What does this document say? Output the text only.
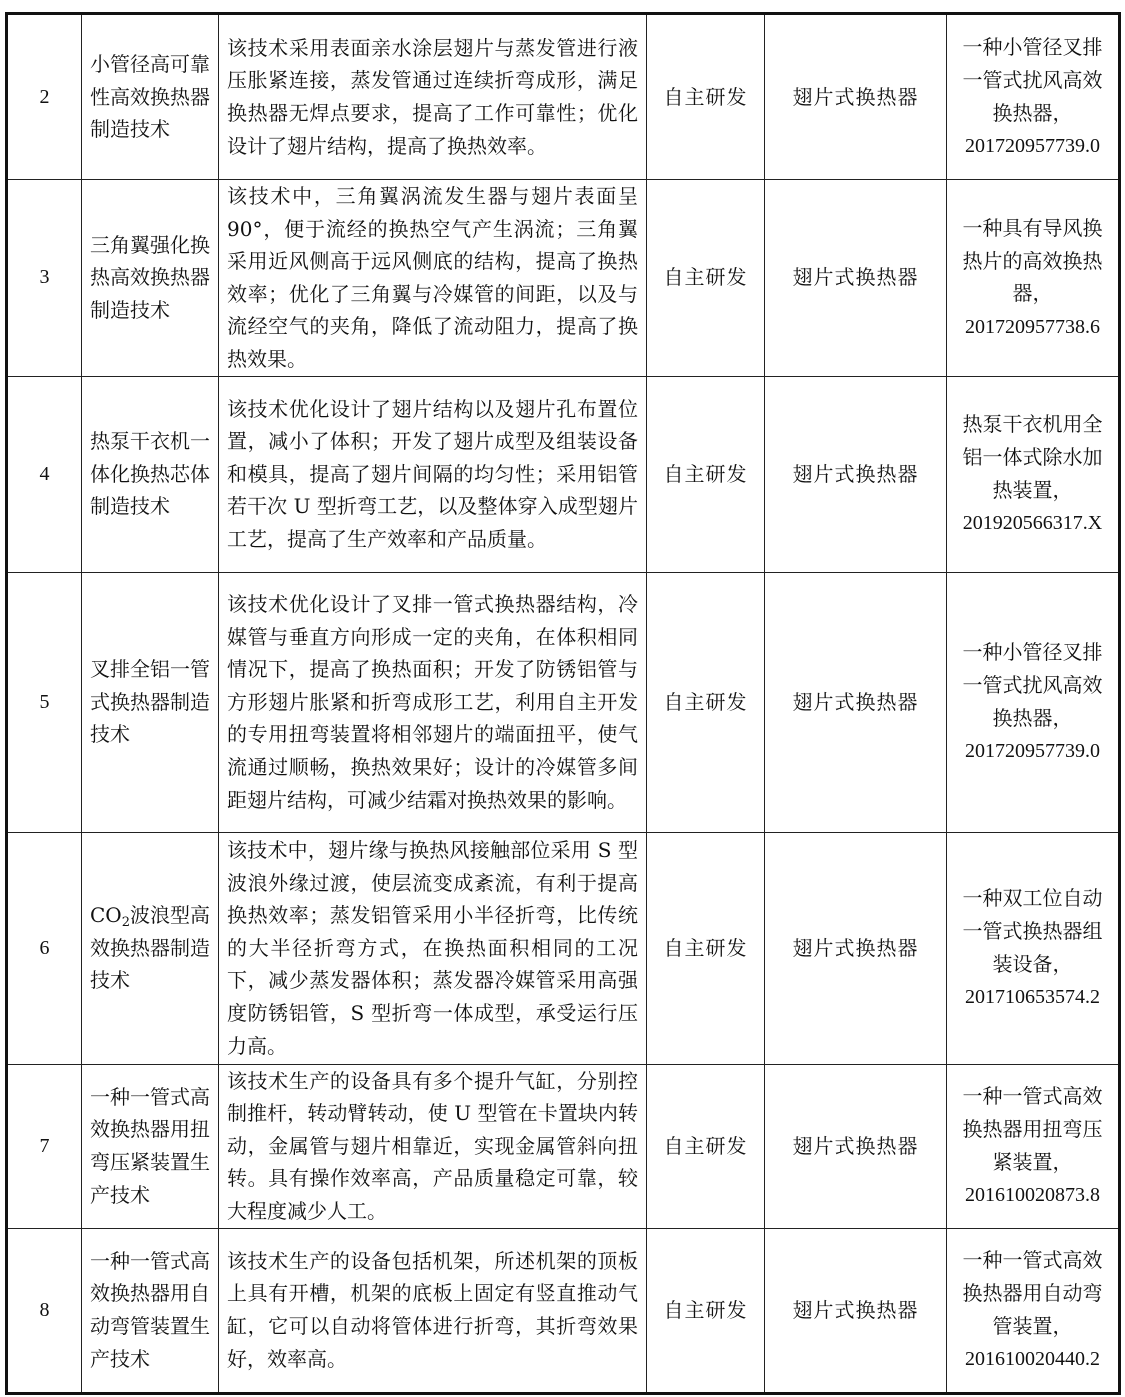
2	小管径高可靠性高效换热器制造技术	该技术采用表面亲水涂层翅片与蒸发管进行液压胀紧连接，蒸发管通过连续折弯成形，满足换热器无焊点要求，提高了工作可靠性；优化设计了翅片结构，提高了换热效率。	自主研发	翅片式换热器	一种小管径叉排一管式扰风高效换热器，
201720957739.0
3	三角翼强化换热高效换热器制造技术	该技术中，三角翼涡流发生器与翅片表面呈90°，便于流经的换热空气产生涡流；三角翼采用近风侧高于远风侧底的结构，提高了换热效率；优化了三角翼与冷媒管的间距，以及与流经空气的夹角，降低了流动阻力，提高了换热效果。	自主研发	翅片式换热器	一种具有导风换热片的高效换热器，
201720957738.6
4	热泵干衣机一体化换热芯体制造技术	该技术优化设计了翅片结构以及翅片孔布置位置，减小了体积；开发了翅片成型及组装设备和模具，提高了翅片间隔的均匀性；采用铝管若干次 U 型折弯工艺，以及整体穿入成型翅片工艺，提高了生产效率和产品质量。	自主研发	翅片式换热器	热泵干衣机用全铝一体式除水加热装置，
201920566317.X
5	叉排全铝一管式换热器制造技术	该技术优化设计了叉排一管式换热器结构，冷媒管与垂直方向形成一定的夹角，在体积相同情况下，提高了换热面积；开发了防锈铝管与方形翅片胀紧和折弯成形工艺，利用自主开发的专用扭弯装置将相邻翅片的端面扭平，使气流通过顺畅，换热效果好；设计的冷媒管多间距翅片结构，可减少结霜对换热效果的影响。	自主研发	翅片式换热器	一种小管径叉排一管式扰风高效换热器，
201720957739.0
6	$CO_2$波浪型高效换热器制造技术	该技术中，翅片缘与换热风接触部位采用 S 型波浪外缘过渡，使层流变成紊流，有利于提高换热效率；蒸发铝管采用小半径折弯，比传统的大半径折弯方式，在换热面积相同的工况下，减少蒸发器体积；蒸发器冷媒管采用高强度防锈铝管，S 型折弯一体成型，承受运行压力高。	自主研发	翅片式换热器	一种双工位自动一管式换热器组装设备，
201710653574.2
7	一种一管式高效换热器用扭弯压紧装置生产技术	该技术生产的设备具有多个提升气缸，分别控制推杆，转动臂转动，使 U 型管在卡置块内转动，金属管与翅片相靠近，实现金属管斜向扭转。具有操作效率高，产品质量稳定可靠，较大程度减少人工。	自主研发	翅片式换热器	一种一管式高效换热器用扭弯压紧装置，
201610020873.8
8	一种一管式高效换热器用自动弯管装置生产技术	该技术生产的设备包括机架，所述机架的顶板上具有开槽，机架的底板上固定有竖直推动气缸，它可以自动将管体进行折弯，其折弯效果好，效率高。	自主研发	翅片式换热器	一种一管式高效换热器用自动弯管装置，
201610020440.2
